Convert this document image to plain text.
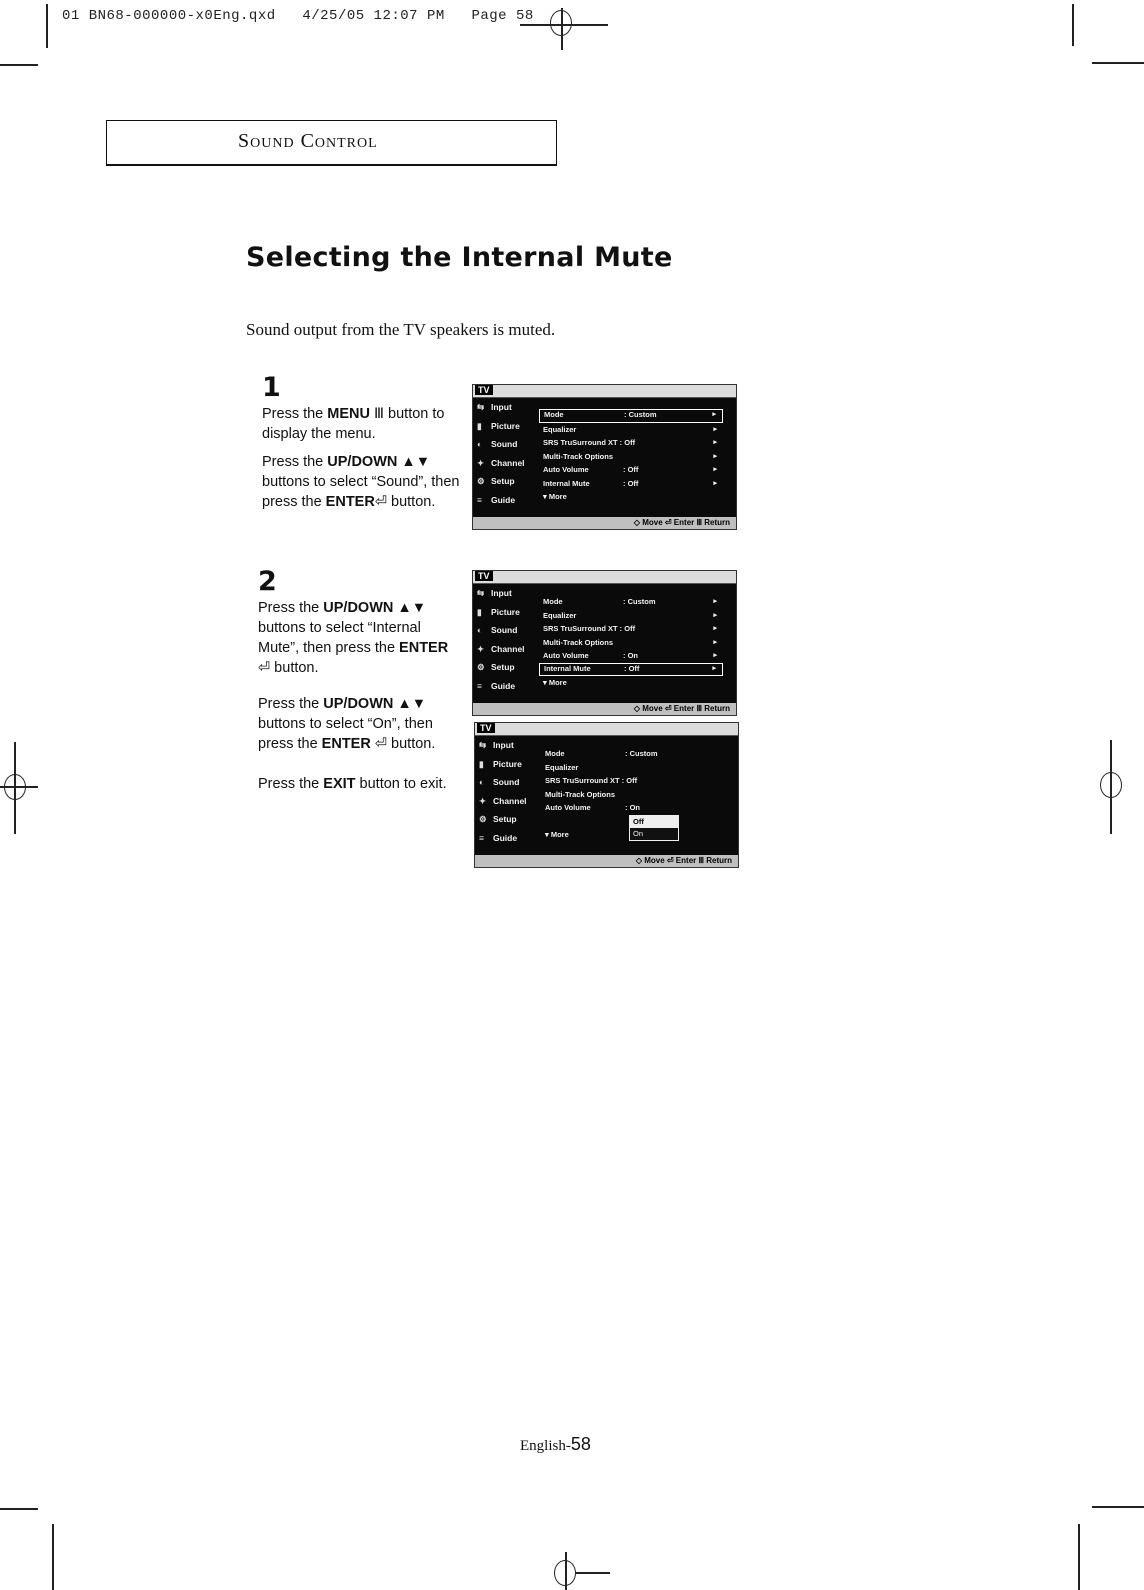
01 BN68-000000-x0Eng.qxd   4/25/05 12:07 PM   Page 58
Sound Control
Selecting the Internal Mute
Sound output from the TV speakers is muted.
1

Press the MENU Ⅲ button to display the menu.

Press the UP/DOWN ▲▼ buttons to select “Sound”, then press the ENTER⏎ button.

2

Press the UP/DOWN ▲▼ buttons to select “Internal Mute”, then press the ENTER ⏎ button.

Press the UP/DOWN ▲▼ buttons to select “On”, then press the ENTER ⏎ button.

Press the EXIT button to exit.

TV
⇆ Input
▮ Picture
◐ Sound
✦ Channel
⚙ Setup
≡ Guide
Mode	: Custom	▸
Equalizer	▸
SRS TruSurround XT : Off	▸
Multi-Track Options	▸
Auto Volume	: Off	▸
Internal Mute	: Off	▸
▾ More
◇ Move ⏎ Enter Ⅲ Return
TV
⇆ Input
▮ Picture
◐ Sound
✦ Channel
⚙ Setup
≡ Guide
Mode	: Custom	▸
Equalizer	▸
SRS TruSurround XT : Off	▸
Multi-Track Options	▸
Auto Volume	: On	▸
Internal Mute	: Off	▸
▾ More
◇ Move ⏎ Enter Ⅲ Return
TV
⇆ Input
▮ Picture
◐ Sound
✦ Channel
⚙ Setup
≡ Guide
Mode	: Custom
Equalizer
SRS TruSurround XT : Off
Multi-Track Options
Auto Volume	: On
▾ More
Off
On
◇ Move ⏎ Enter Ⅲ Return
English-58
